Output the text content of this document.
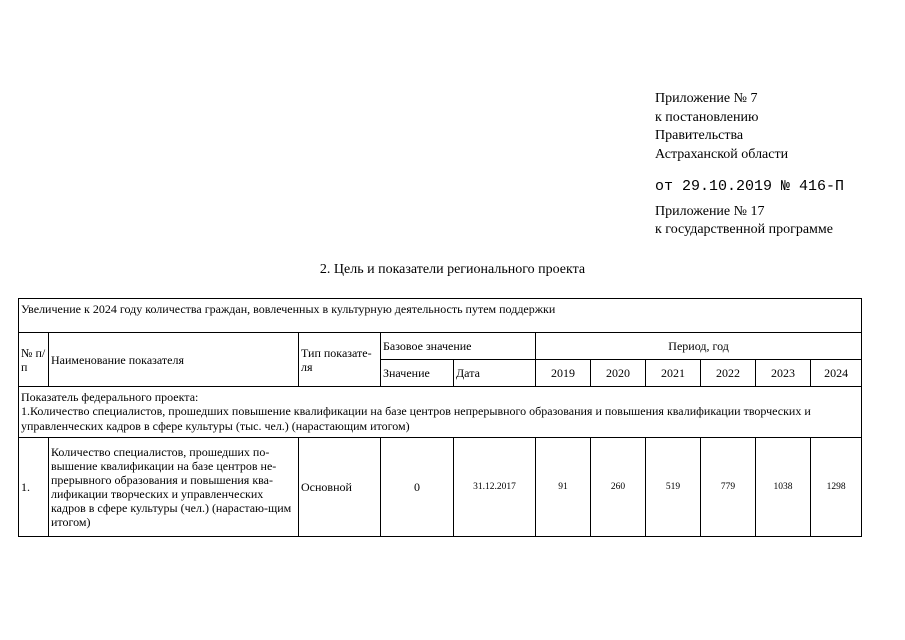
Приложение № 7
к постановлению
Правительства
Астраханской области
от 29.10.2019 № 416-П
Приложение № 17
к государственной программе
2. Цель и показатели регионального проекта
Увеличение к 2024 году количества граждан, вовлеченных в культурную деятельность путем поддержки										
№ п/п	Наименование показателя	Тип показате-ля	Базовое значение		Период, год					
					2019	2020	2021	2022	2023	2024
			Значение	Дата						

Показатель федерального проекта:
1.Количество специалистов, прошедших повышение квалификации на базе центров непрерывного образования и повышения квалификации творческих и управленческих кадров в сфере культуры (тыс. чел.) (нарастающим итогом)										

1.	Количество специалистов, прошедших по-вышение квалификации на базе центров не-прерывного образования и повышения ква-лификации творческих и управленческих кадров в сфере культуры (чел.) (нарастаю-щим итогом)	Основной	0	31.12.2017	91	260	519	779	1038	1298
